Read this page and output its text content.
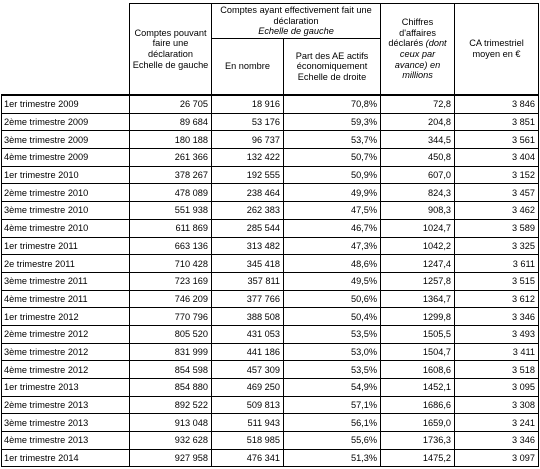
	Comptes pouvant faire une déclaration Echelle de gauche	Comptes ayant effectivement fait une déclaration
Echelle de gauche		Chiffres d'affaires déclarés (dont ceux par avance) en millions	CA trimestriel moyen en €
		En nombre	Part des AE actifs économiquement Echelle de droite		
1er trimestre 2009	26 705	18 916	70,8%	72,8	3 846
2ème trimestre 2009	89 684	53 176	59,3%	204,8	3 851
3ème trimestre 2009	180 188	96 737	53,7%	344,5	3 561
4ème trimestre 2009	261 366	132 422	50,7%	450,8	3 404
1er trimestre 2010	378 267	192 555	50,9%	607,0	3 152
2ème trimestre 2010	478 089	238 464	49,9%	824,3	3 457
3ème trimestre 2010	551 938	262 383	47,5%	908,3	3 462
4ème trimestre 2010	611 869	285 544	46,7%	1024,7	3 589
1er trimestre 2011	663 136	313 482	47,3%	1042,2	3 325
2e trimestre 2011	710 428	345 418	48,6%	1247,4	3 611
3ème trimestre 2011	723 169	357 811	49,5%	1257,8	3 515
4ème trimestre 2011	746 209	377 766	50,6%	1364,7	3 612
1er trimestre 2012	770 796	388 508	50,4%	1299,8	3 346
2ème trimestre 2012	805 520	431 053	53,5%	1505,5	3 493
3ème trimestre 2012	831 999	441 186	53,0%	1504,7	3 411
4ème trimestre 2012	854 598	457 309	53,5%	1608,6	3 518
1er trimestre 2013	854 880	469 250	54,9%	1452,1	3 095
2ème trimestre 2013	892 522	509 813	57,1%	1686,6	3 308
3ème trimestre 2013	913 048	511 943	56,1%	1659,0	3 241
4ème trimestre 2013	932 628	518 985	55,6%	1736,3	3 346
1er trimestre 2014	927 958	476 341	51,3%	1475,2	3 097
